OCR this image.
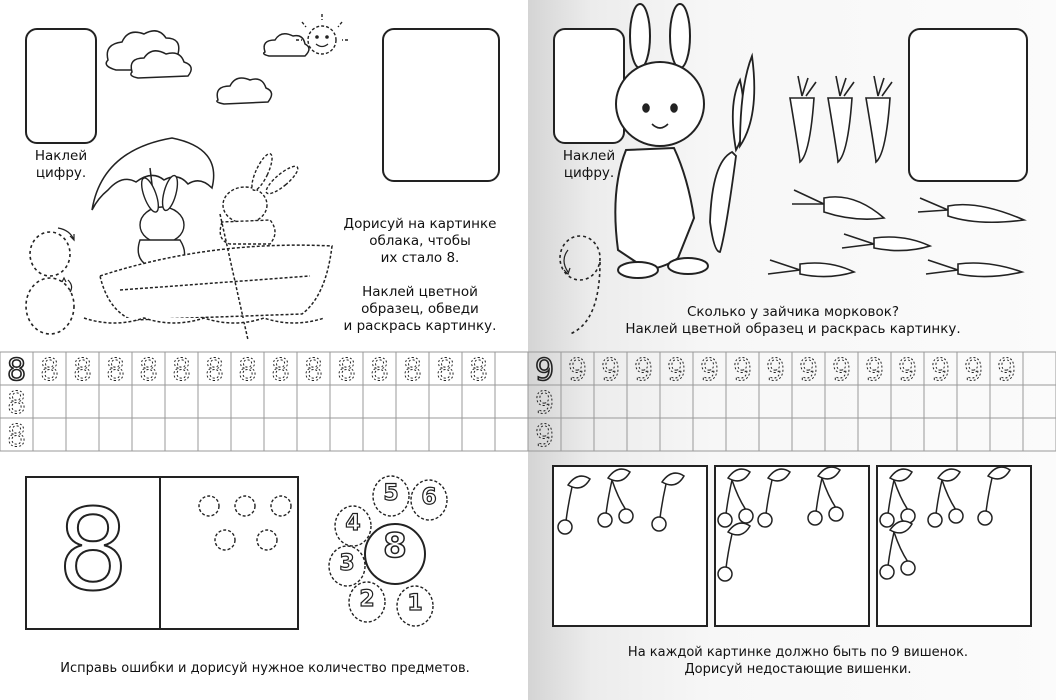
Наклей
цифру.
Дорисуй на картинке
облака, чтобы
их стало 8.
Наклей цветной
образец, обведи
и раскрась картинку.
8 8 8 8 8 8 8 8 8 8 8 8 8 8 8
8
8
8	8
5 6
4
3
2 1
Исправь ошибки и дорисуй нужное количество предметов.
Наклей
цифру.
Сколько у зайчика морковок?
Наклей цветной образец и раскрась картинку.
9 9 9 9 9 9 9 9 9 9 9 9 9 9 9
9
9
На каждой картинке должно быть по 9 вишенок.
Дорисуй недостающие вишенки.
